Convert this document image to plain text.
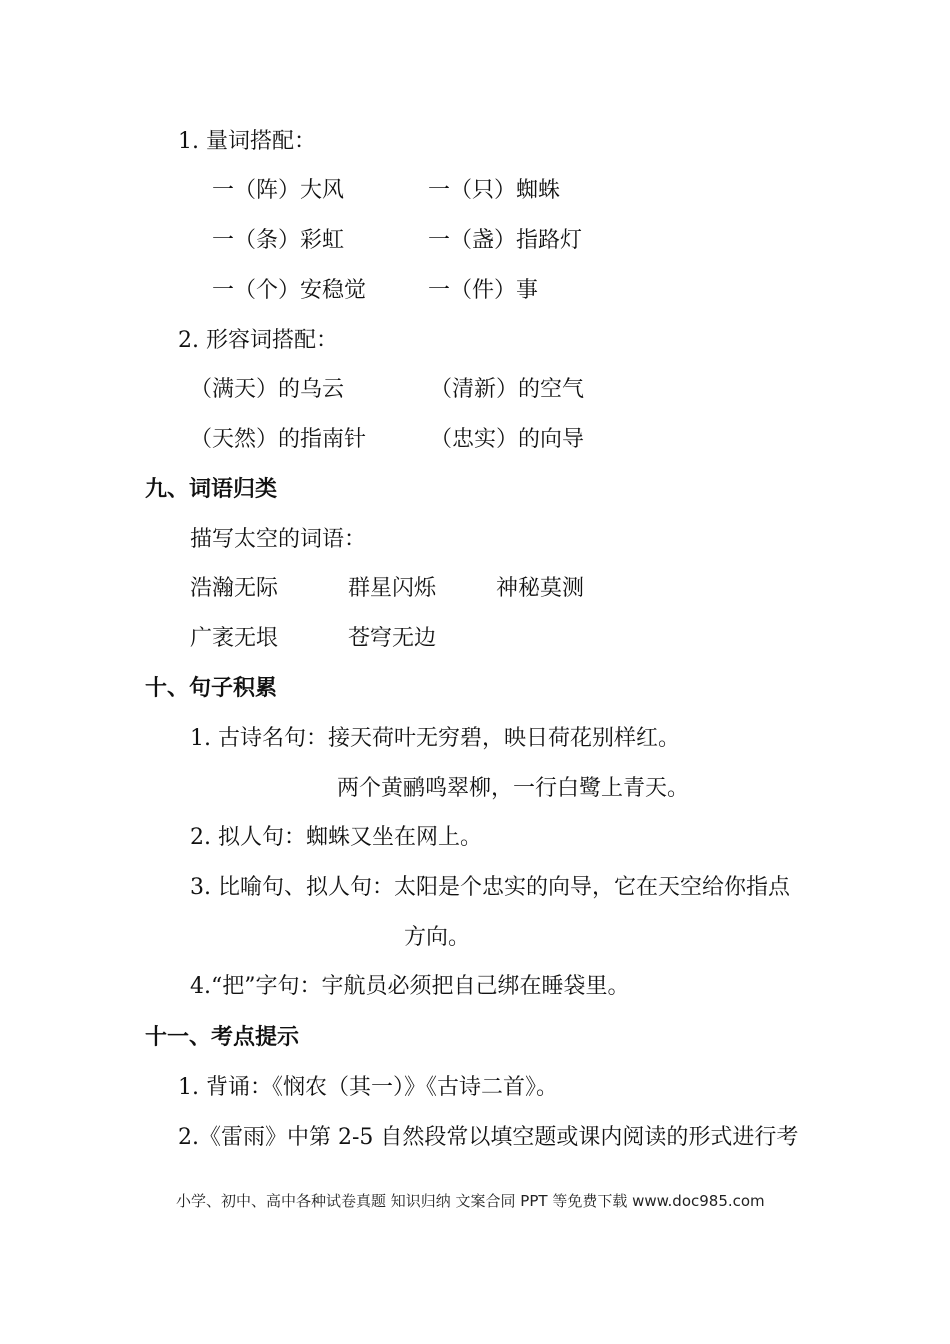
1. 量词搭配：
一（阵）大风	一（只）蜘蛛
一（条）彩虹	一（盏）指路灯
一（个）安稳觉	一（件）事
2. 形容词搭配：
（满天）的乌云	（清新）的空气
（天然）的指南针	（忠实）的向导
九、词语归类
描写太空的词语：
浩瀚无际	群星闪烁	神秘莫测
广袤无垠	苍穹无边
十、句子积累
1. 古诗名句：接天荷叶无穷碧，映日荷花别样红。
两个黄鹂鸣翠柳，一行白鹭上青天。
2. 拟人句：蜘蛛又坐在网上。
3. 比喻句、拟人句：太阳是个忠实的向导，它在天空给你指点
方向。
4.“把”字句：宇航员必须把自己绑在睡袋里。
十一、考点提示
1. 背诵：《悯农（其一）》《古诗二首》。
2.《雷雨》中第 2-5 自然段常以填空题或课内阅读的形式进行考
小学、初中、高中各种试卷真题 知识归纳 文案合同 PPT 等免费下载 www.doc985.com
